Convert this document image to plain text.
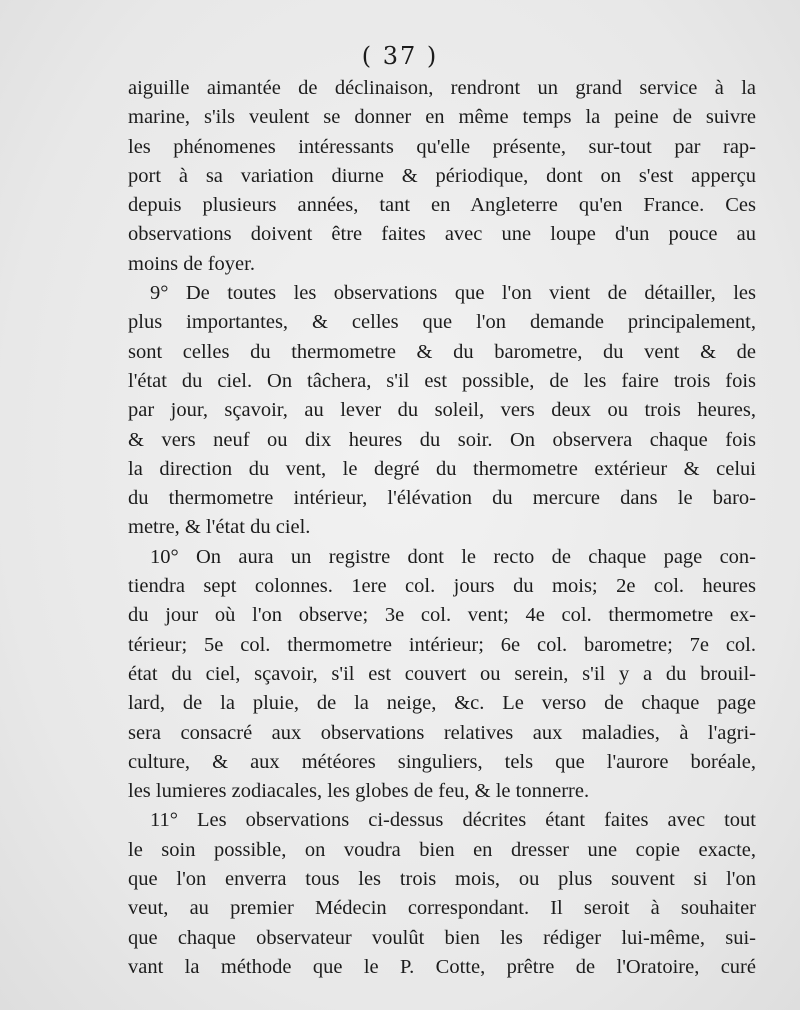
( 37 )
aiguille aimantée de déclinaison, rendront un grand service à la
marine, s'ils veulent se donner en même temps la peine de suivre
les phénomenes intéressants qu'elle présente, sur-tout par rap-
port à sa variation diurne & périodique, dont on s'est apperçu
depuis plusieurs années, tant en Angleterre qu'en France. Ces
observations doivent être faites avec une loupe d'un pouce au
moins de foyer.
9° De toutes les observations que l'on vient de détailler, les
plus importantes, & celles que l'on demande principalement,
sont celles du thermometre & du barometre, du vent & de
l'état du ciel. On tâchera, s'il est possible, de les faire trois fois
par jour, sçavoir, au lever du soleil, vers deux ou trois heures,
& vers neuf ou dix heures du soir. On observera chaque fois
la direction du vent, le degré du thermometre extérieur & celui
du thermometre intérieur, l'élévation du mercure dans le baro-
metre, & l'état du ciel.
10° On aura un registre dont le recto de chaque page con-
tiendra sept colonnes. 1ere col. jours du mois; 2e col. heures
du jour où l'on observe; 3e col. vent; 4e col. thermometre ex-
térieur; 5e col. thermometre intérieur; 6e col. barometre; 7e col.
état du ciel, sçavoir, s'il est couvert ou serein, s'il y a du brouil-
lard, de la pluie, de la neige, &c. Le verso de chaque page
sera consacré aux observations relatives aux maladies, à l'agri-
culture, & aux météores singuliers, tels que l'aurore boréale,
les lumieres zodiacales, les globes de feu, & le tonnerre.
11° Les observations ci-dessus décrites étant faites avec tout
le soin possible, on voudra bien en dresser une copie exacte,
que l'on enverra tous les trois mois, ou plus souvent si l'on
veut, au premier Médecin correspondant. Il seroit à souhaiter
que chaque observateur voulût bien les rédiger lui-même, sui-
vant la méthode que le P. Cotte, prêtre de l'Oratoire, curé
